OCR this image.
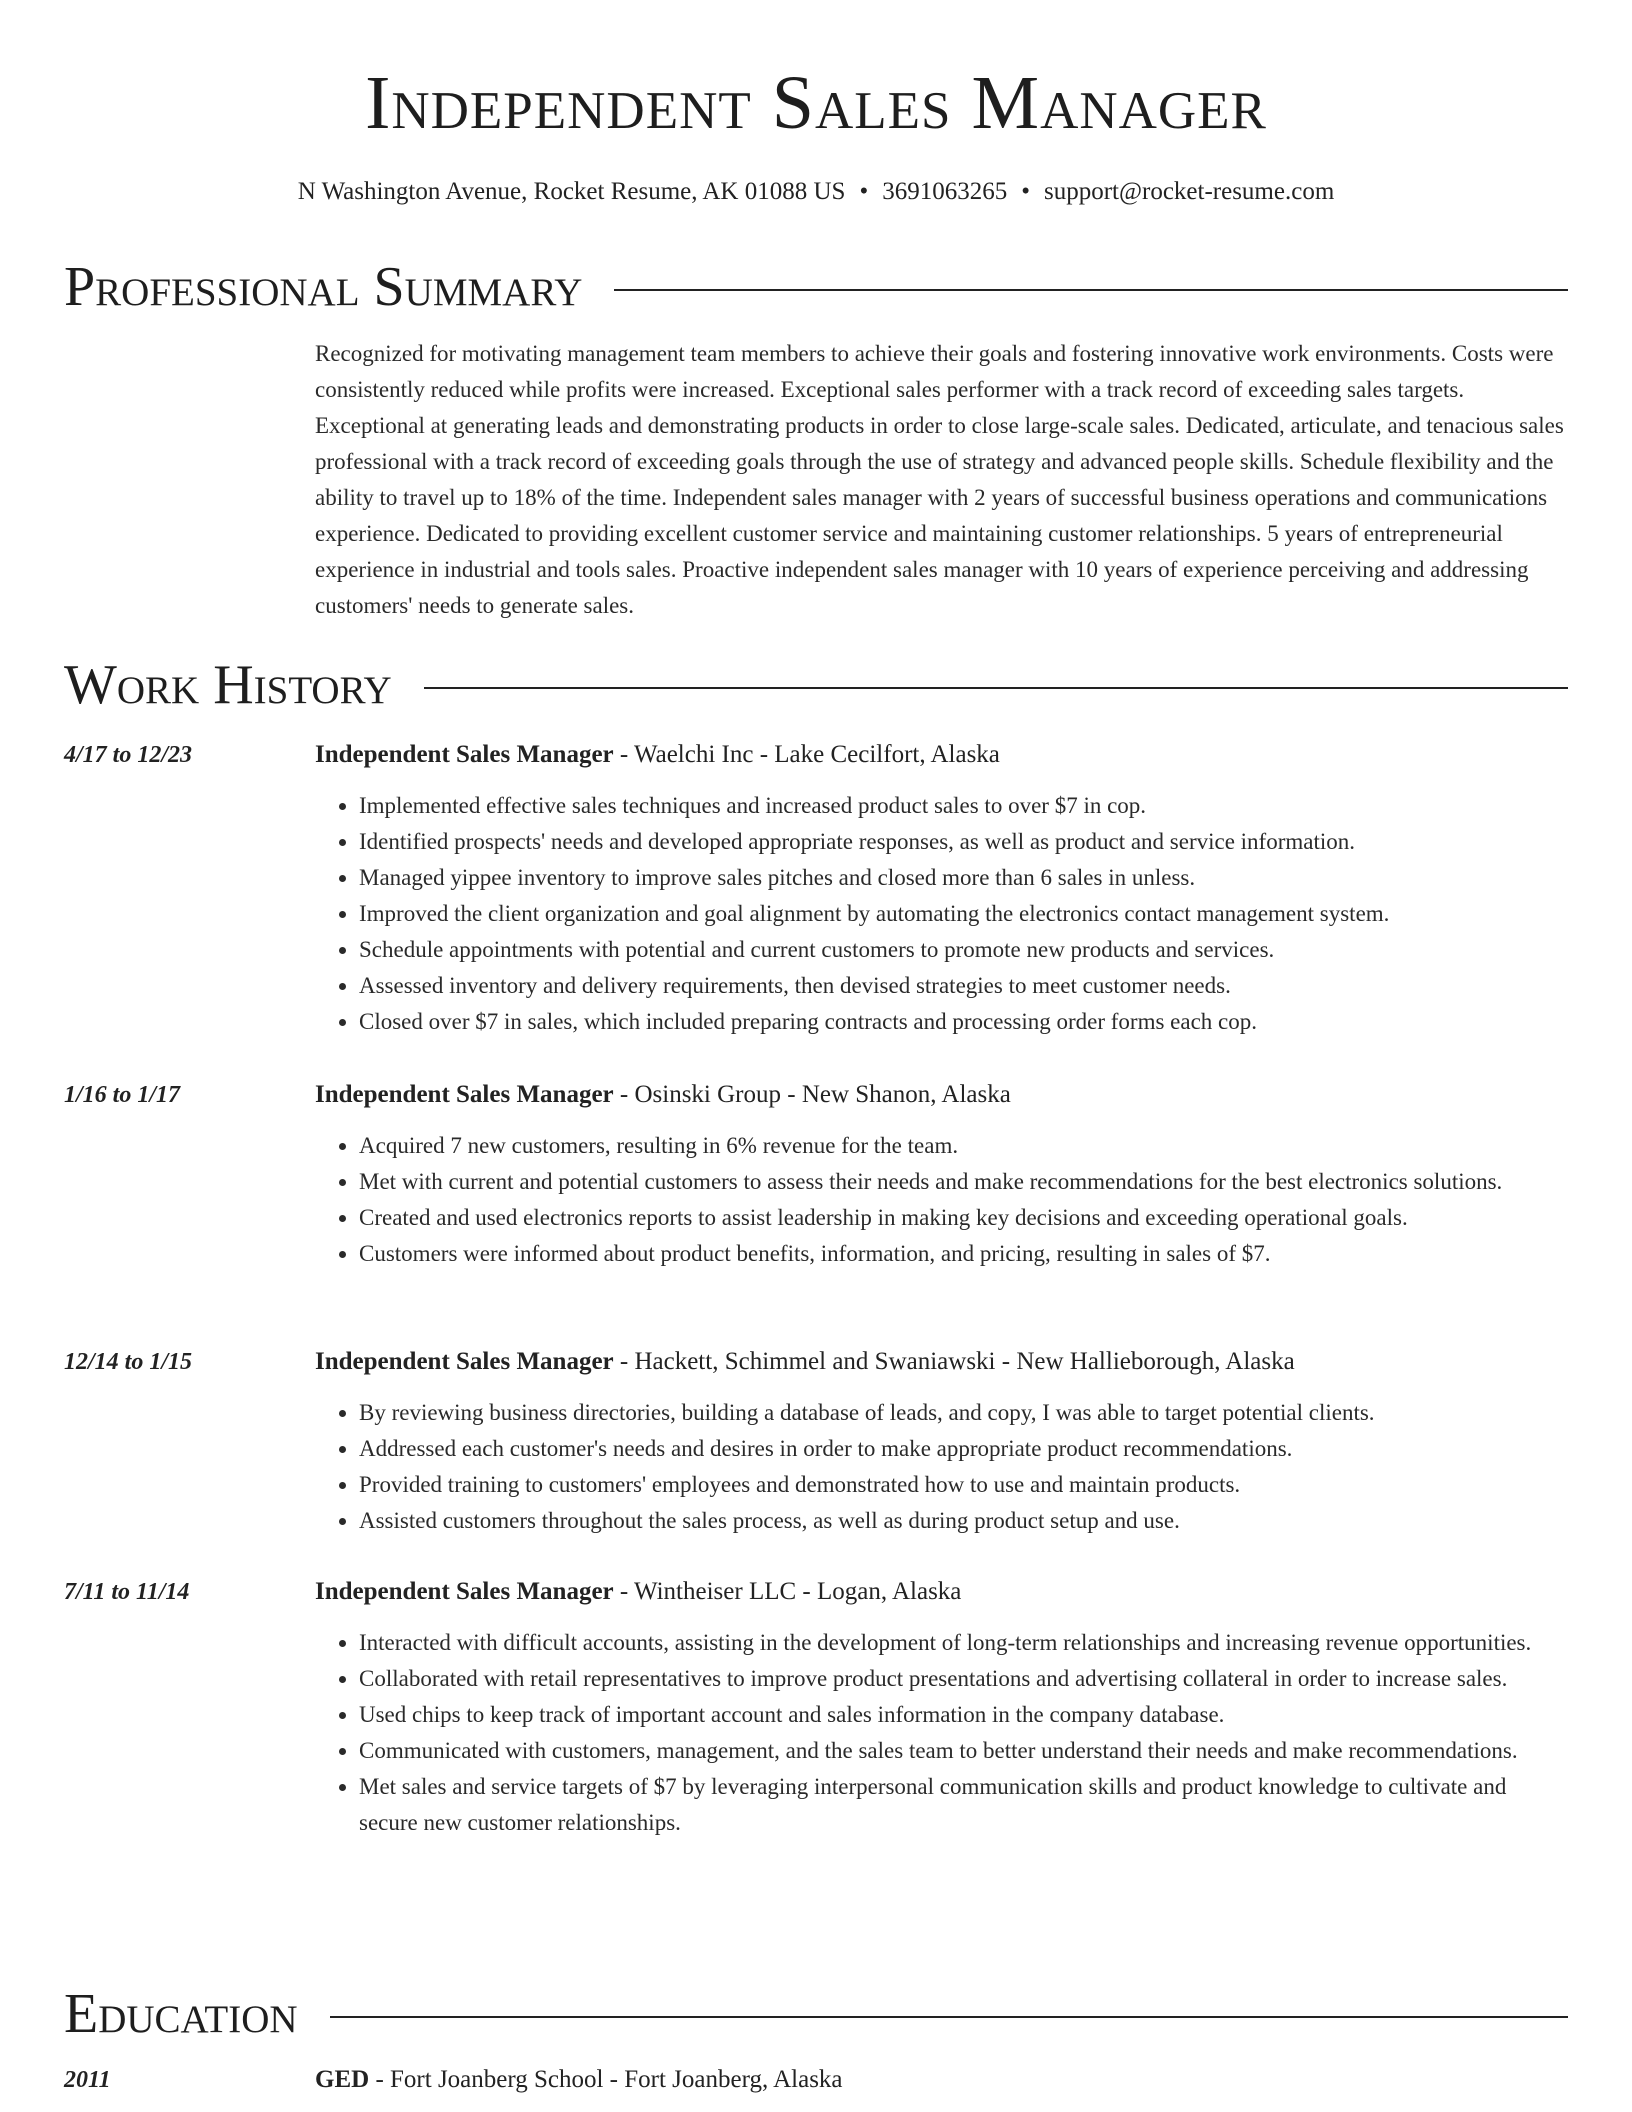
Independent Sales Manager
N Washington Avenue, Rocket Resume, AK 01088 US • 3691063265 • support@rocket-resume.com
Professional Summary

Recognized for motivating management team members to achieve their goals and fostering innovative work environments. Costs were consistently reduced while profits were increased. Exceptional sales performer with a track record of exceeding sales targets. Exceptional at generating leads and demonstrating products in order to close large-scale sales. Dedicated, articulate, and tenacious sales professional with a track record of exceeding goals through the use of strategy and advanced people skills. Schedule flexibility and the ability to travel up to 18% of the time. Independent sales manager with 2 years of successful business operations and communications experience. Dedicated to providing excellent customer service and maintaining customer relationships. 5 years of entrepreneurial experience in industrial and tools sales. Proactive independent sales manager with 10 years of experience perceiving and addressing customers' needs to generate sales.

Work History
4/17 to 12/23	Independent Sales Manager - Waelchi Inc - Lake Cecilfort, Alaska
• Implemented effective sales techniques and increased product sales to over $7 in cop.
• Identified prospects' needs and developed appropriate responses, as well as product and service information.
• Managed yippee inventory to improve sales pitches and closed more than 6 sales in unless.
• Improved the client organization and goal alignment by automating the electronics contact management system.
• Schedule appointments with potential and current customers to promote new products and services.
• Assessed inventory and delivery requirements, then devised strategies to meet customer needs.
• Closed over $7 in sales, which included preparing contracts and processing order forms each cop.
1/16 to 1/17	Independent Sales Manager - Osinski Group - New Shanon, Alaska
• Acquired 7 new customers, resulting in 6% revenue for the team.
• Met with current and potential customers to assess their needs and make recommendations for the best electronics solutions.
• Created and used electronics reports to assist leadership in making key decisions and exceeding operational goals.
• Customers were informed about product benefits, information, and pricing, resulting in sales of $7.
12/14 to 1/15	Independent Sales Manager - Hackett, Schimmel and Swaniawski - New Hallieborough, Alaska
• By reviewing business directories, building a database of leads, and copy, I was able to target potential clients.
• Addressed each customer's needs and desires in order to make appropriate product recommendations.
• Provided training to customers' employees and demonstrated how to use and maintain products.
• Assisted customers throughout the sales process, as well as during product setup and use.
7/11 to 11/14	Independent Sales Manager - Wintheiser LLC - Logan, Alaska
• Interacted with difficult accounts, assisting in the development of long-term relationships and increasing revenue opportunities.
• Collaborated with retail representatives to improve product presentations and advertising collateral in order to increase sales.
• Used chips to keep track of important account and sales information in the company database.
• Communicated with customers, management, and the sales team to better understand their needs and make recommendations.
• Met sales and service targets of $7 by leveraging interpersonal communication skills and product knowledge to cultivate and secure new customer relationships.
Education
2011	GED - Fort Joanberg School - Fort Joanberg, Alaska
